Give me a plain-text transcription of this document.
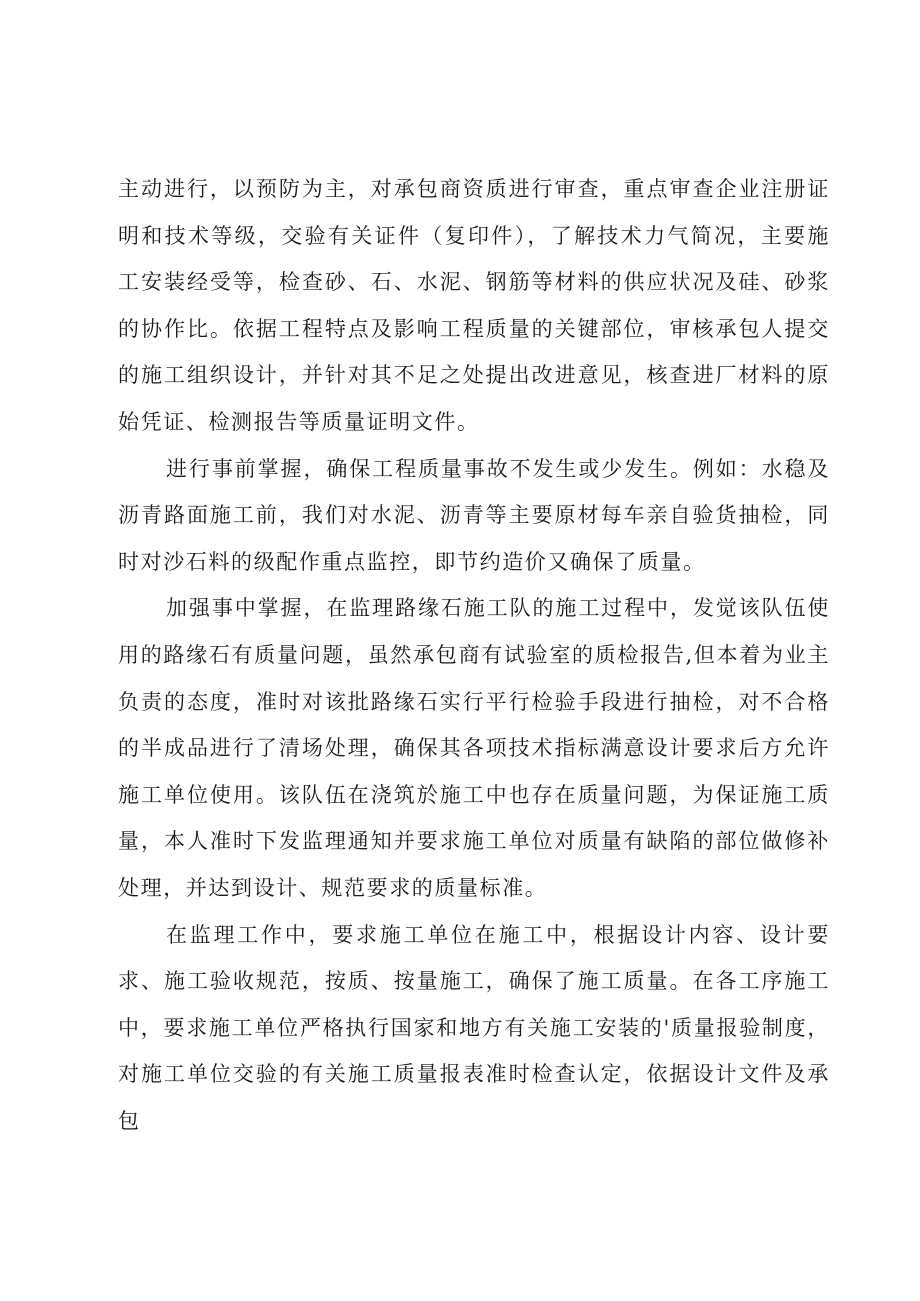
主动进行，以预防为主，对承包商资质进行审查，重点审查企业注册证明和技术等级，交验有关证件（复印件），了解技术力气简况，主要施工安装经受等，检查砂、石、水泥、钢筋等材料的供应状况及硅、砂浆的协作比。依据工程特点及影响工程质量的关键部位，审核承包人提交的施工组织设计，并针对其不足之处提出改进意见，核查进厂材料的原始凭证、检测报告等质量证明文件。

进行事前掌握，确保工程质量事故不发生或少发生。例如：水稳及沥青路面施工前，我们对水泥、沥青等主要原材每车亲自验货抽检，同时对沙石料的级配作重点监控，即节约造价又确保了质量。

加强事中掌握，在监理路缘石施工队的施工过程中，发觉该队伍使用的路缘石有质量问题，虽然承包商有试验室的质检报告,但本着为业主负责的态度，准时对该批路缘石实行平行检验手段进行抽检，对不合格的半成品进行了清场处理，确保其各项技术指标满意设计要求后方允许施工单位使用。该队伍在浇筑於施工中也存在质量问题，为保证施工质量，本人准时下发监理通知并要求施工单位对质量有缺陷的部位做修补处理，并达到设计、规范要求的质量标准。

在监理工作中，要求施工单位在施工中，根据设计内容、设计要求、施工验收规范，按质、按量施工，确保了施工质量。在各工序施工中，要求施工单位严格执行国家和地方有关施工安装的'质量报验制度，对施工单位交验的有关施工质量报表准时检查认定，依据设计文件及承包
